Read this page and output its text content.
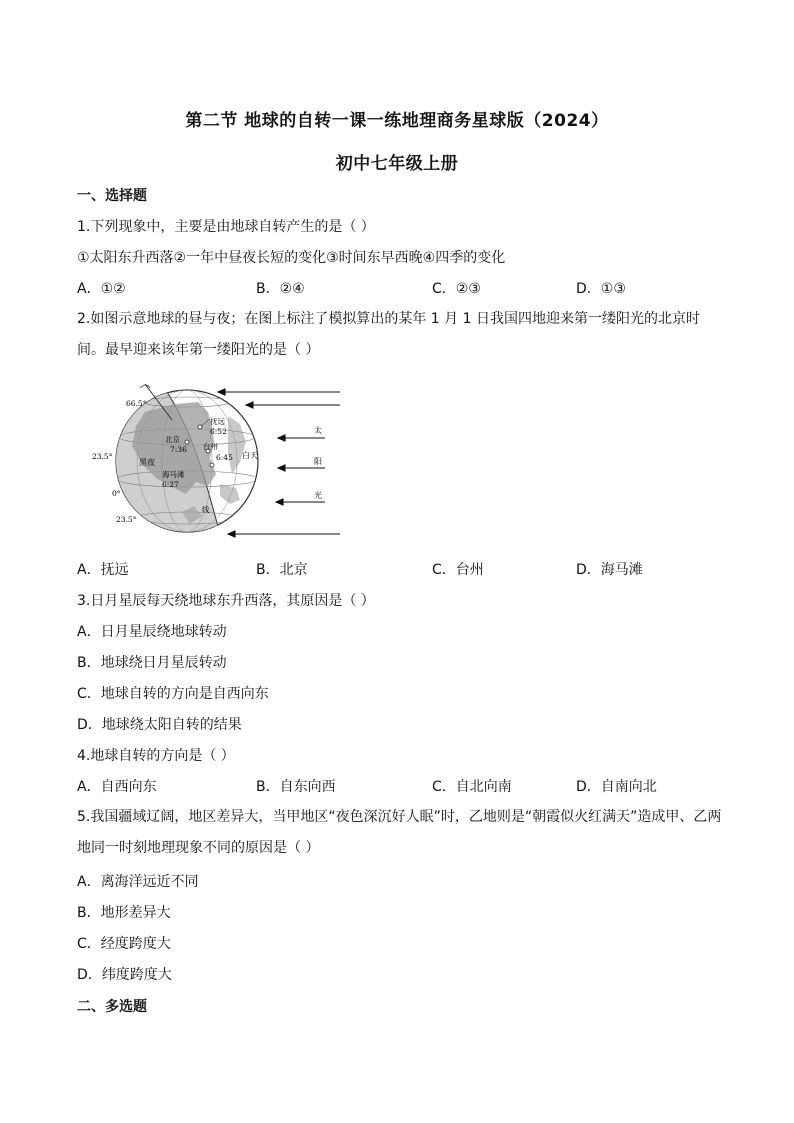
第二节 地球的自转一课一练地理商务星球版（2024）
初中七年级上册
一、选择题
1.下列现象中，主要是由地球自转产生的是（ ）
①太阳东升西落②一年中昼夜长短的变化③时间东早西晚④四季的变化
A．①②	B．②④	C．②③	D．①③
2.如图示意地球的昼与夜；在图上标注了模拟算出的某年 1 月 1 日我国四地迎来第一缕阳光的北京时间。最早迎来该年第一缕阳光的是（ ）
66.5°
23.5°
0°
23.5°
黑夜
白天
线
抚远
6:52
北京
7:36 台州
6:45
海马滩
6:27
太
阳
光
A．抚远	B．北京	C．台州	D．海马滩
3.日月星辰每天绕地球东升西落，其原因是（ ）
A．日月星辰绕地球转动
B．地球绕日月星辰转动
C．地球自转的方向是自西向东
D．地球绕太阳自转的结果
4.地球自转的方向是（ ）
A．自西向东	B．自东向西	C．自北向南	D．自南向北
5.我国疆域辽阔，地区差异大，当甲地区“夜色深沉好人眠”时，乙地则是“朝霞似火红满天”造成甲、乙两地同一时刻地理现象不同的原因是（ ）
A．离海洋远近不同
B．地形差异大
C．经度跨度大
D．纬度跨度大
二、多选题
